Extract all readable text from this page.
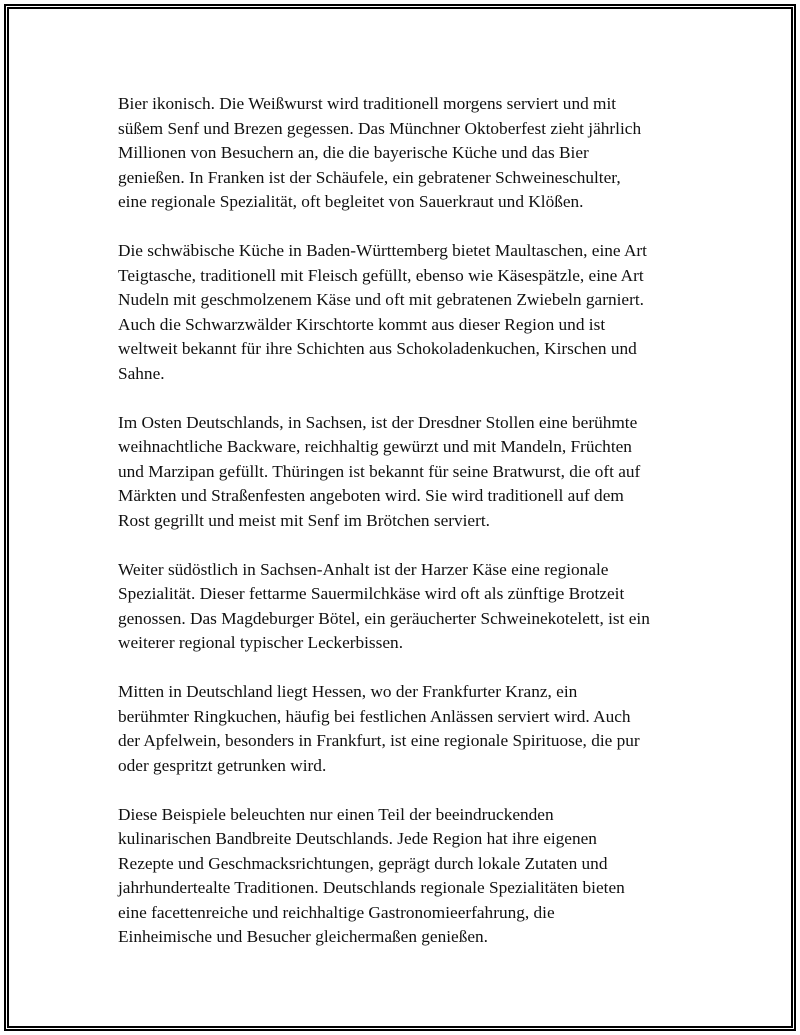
Bier ikonisch. Die Weißwurst wird traditionell morgens serviert und mit
süßem Senf und Brezen gegessen. Das Münchner Oktoberfest zieht jährlich
Millionen von Besuchern an, die die bayerische Küche und das Bier
genießen. In Franken ist der Schäufele, ein gebratener Schweineschulter,
eine regionale Spezialität, oft begleitet von Sauerkraut und Klößen.

Die schwäbische Küche in Baden-Württemberg bietet Maultaschen, eine Art
Teigtasche, traditionell mit Fleisch gefüllt, ebenso wie Käsespätzle, eine Art
Nudeln mit geschmolzenem Käse und oft mit gebratenen Zwiebeln garniert.
Auch die Schwarzwälder Kirschtorte kommt aus dieser Region und ist
weltweit bekannt für ihre Schichten aus Schokoladenkuchen, Kirschen und
Sahne.

Im Osten Deutschlands, in Sachsen, ist der Dresdner Stollen eine berühmte
weihnachtliche Backware, reichhaltig gewürzt und mit Mandeln, Früchten
und Marzipan gefüllt. Thüringen ist bekannt für seine Bratwurst, die oft auf
Märkten und Straßenfesten angeboten wird. Sie wird traditionell auf dem
Rost gegrillt und meist mit Senf im Brötchen serviert.

Weiter südöstlich in Sachsen-Anhalt ist der Harzer Käse eine regionale
Spezialität. Dieser fettarme Sauermilchkäse wird oft als zünftige Brotzeit
genossen. Das Magdeburger Bötel, ein geräucherter Schweinekotelett, ist ein
weiterer regional typischer Leckerbissen.

Mitten in Deutschland liegt Hessen, wo der Frankfurter Kranz, ein
berühmter Ringkuchen, häufig bei festlichen Anlässen serviert wird. Auch
der Apfelwein, besonders in Frankfurt, ist eine regionale Spirituose, die pur
oder gespritzt getrunken wird.

Diese Beispiele beleuchten nur einen Teil der beeindruckenden
kulinarischen Bandbreite Deutschlands. Jede Region hat ihre eigenen
Rezepte und Geschmacksrichtungen, geprägt durch lokale Zutaten und
jahrhundertealte Traditionen. Deutschlands regionale Spezialitäten bieten
eine facettenreiche und reichhaltige Gastronomieerfahrung, die
Einheimische und Besucher gleichermaßen genießen.
